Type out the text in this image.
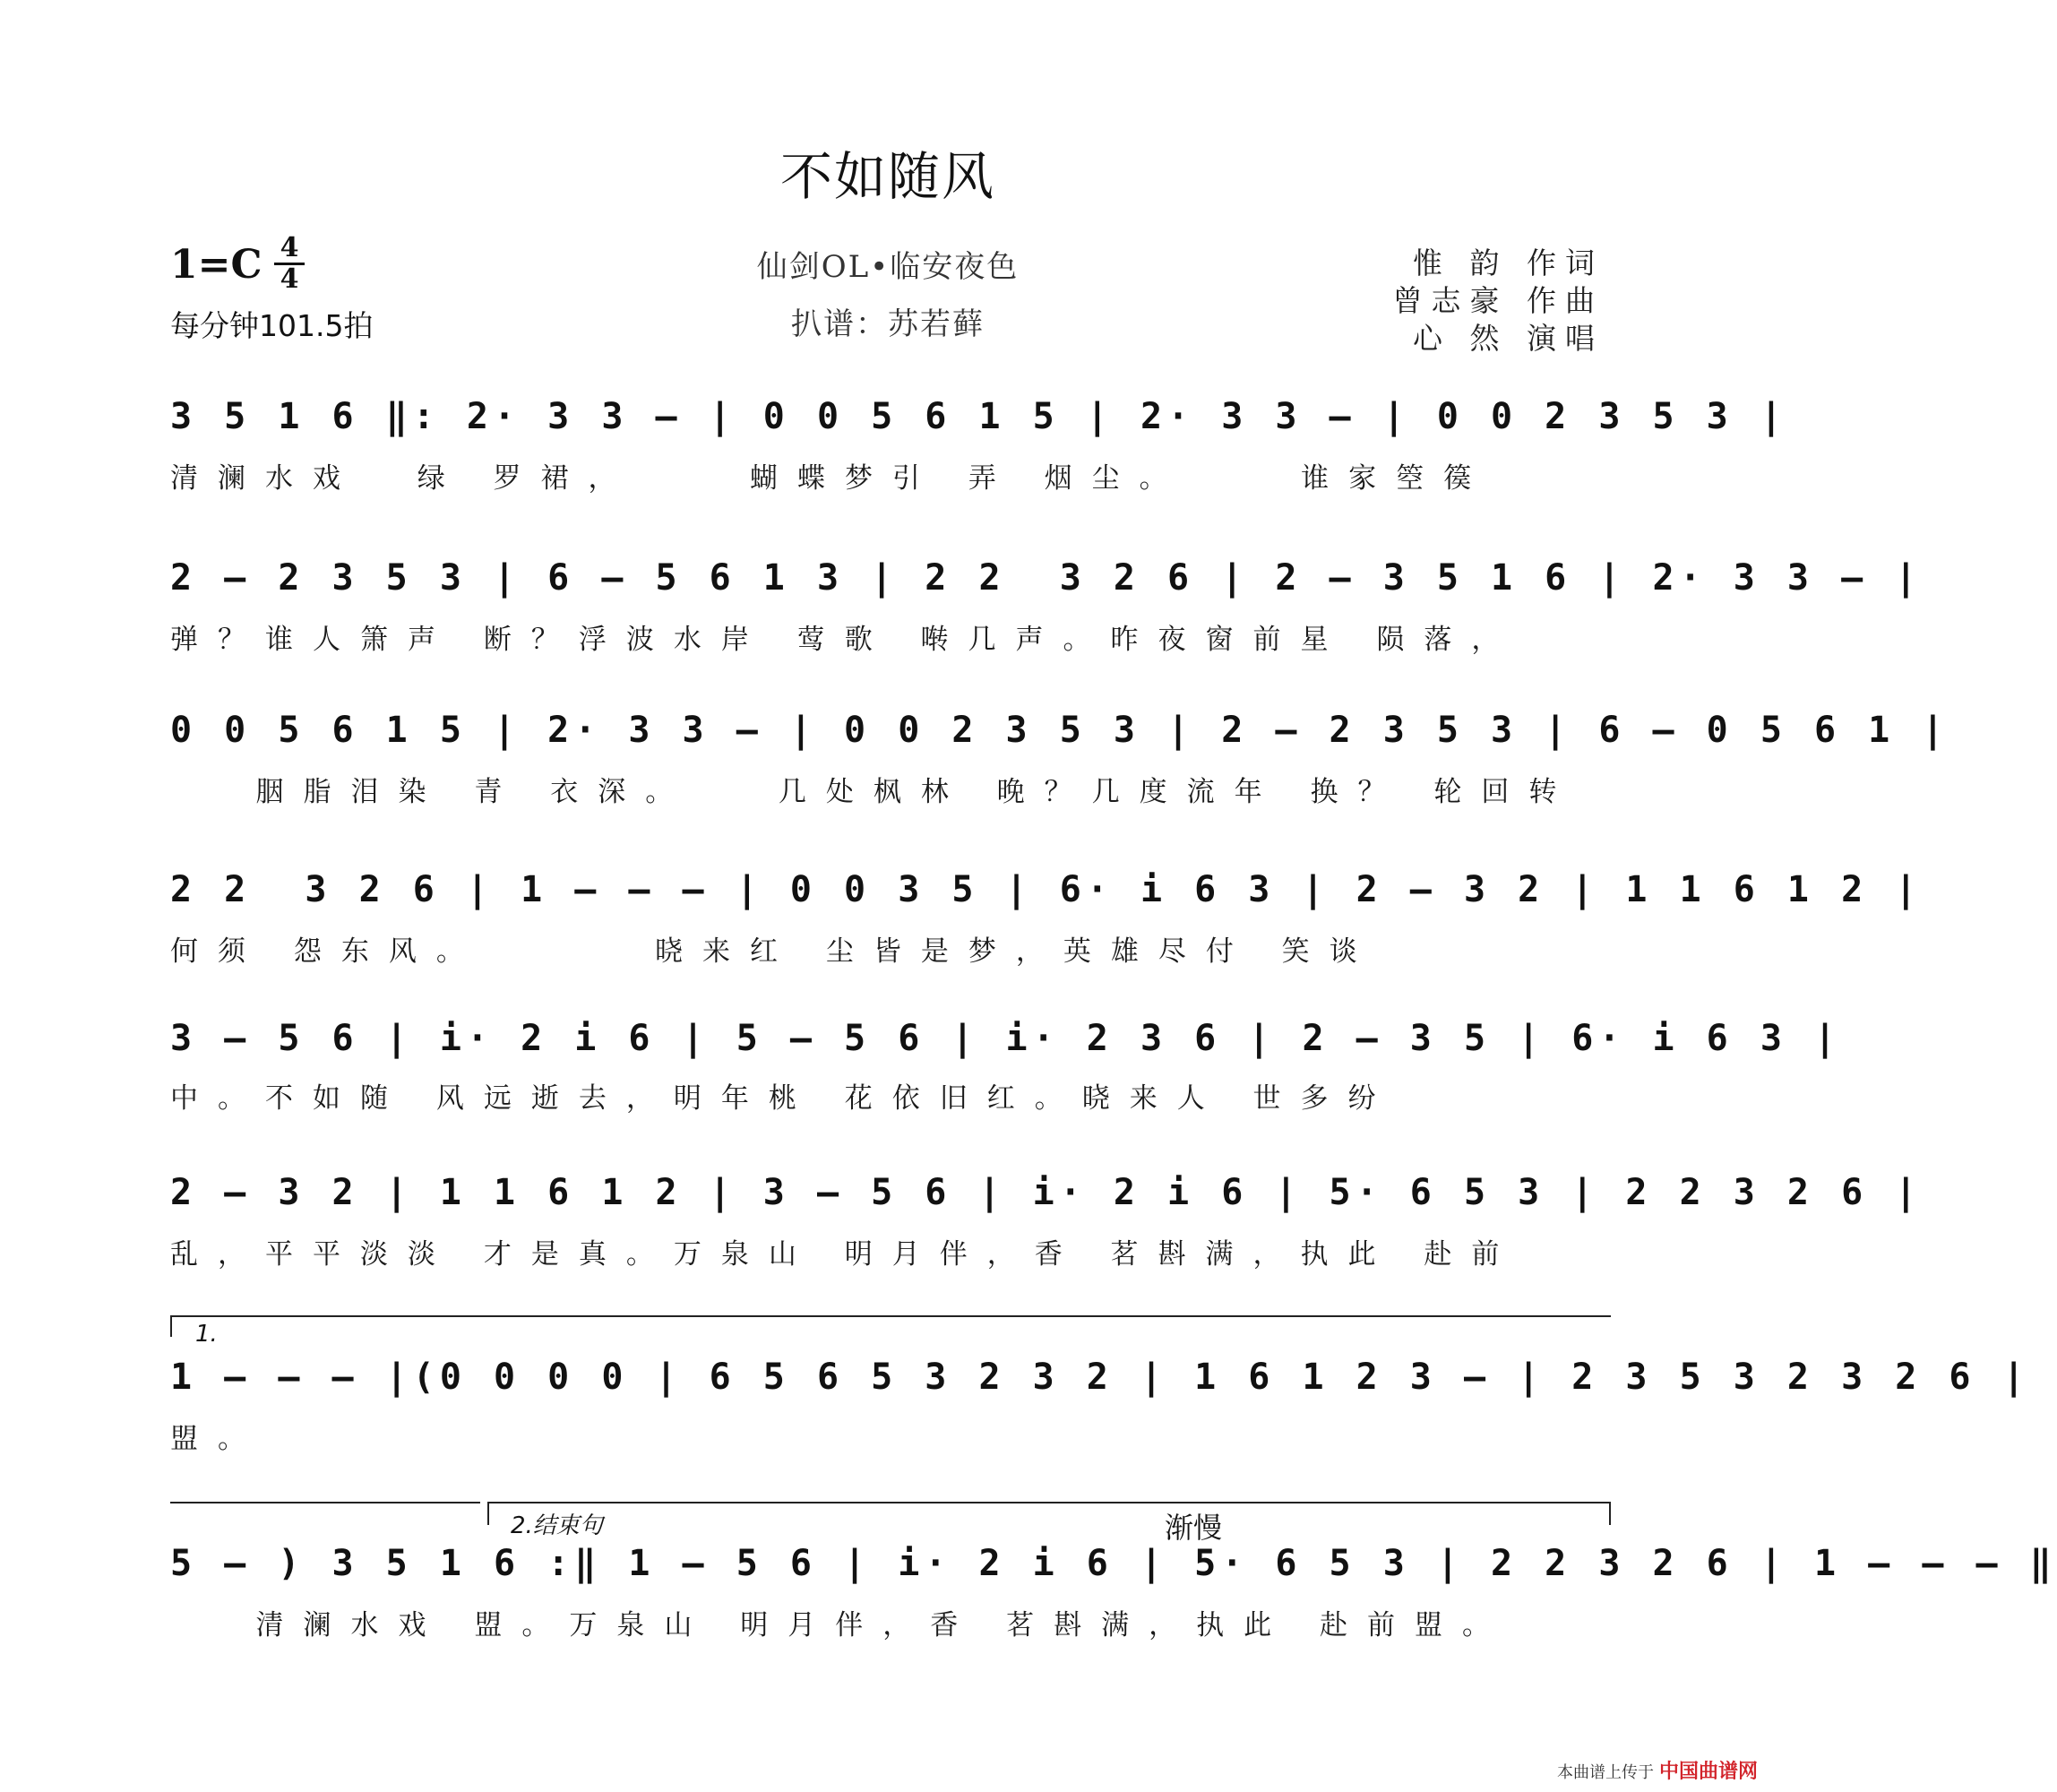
不如随风
1=C 4
4
每分钟101.5拍
仙剑OL•临安夜色
扒谱：苏若藓
惟 韵 作词
曾志豪 作曲
心 然 演唱
3 5 1 6 ‖: 2· 3 3 – | 0 0 5 6 1 5 | 2· 3 3 – | 0 0 2 3 5 3 |
清澜水戏  绿 罗裙，    蝴蝶梦引 弄 烟尘。    谁家箜篌
2 – 2 3 5 3 | 6 – 5 6 1 3 | 2 2  3 2 6 | 2 – 3 5 1 6 | 2· 3 3 – |
弹？谁人箫声 断？浮波水岸 莺歌 啭几声。昨夜窗前星 陨落，
0 0 5 6 1 5 | 2· 3 3 – | 0 0 2 3 5 3 | 2 – 2 3 5 3 | 6 – 0 5 6 1 |
胭脂泪染 青 衣深。   几处枫林 晚？几度流年 换？ 轮回转
2 2  3 2 6 | 1 – – – | 0 0 3 5 | 6· i 6 3 | 2 – 3 2 | 1 1 6 1 2 |
何须 怨东风。      晓来红 尘皆是梦，英雄尽付 笑谈
3 – 5 6 | i· 2 i 6 | 5 – 5 6 | i· 2 3 6 | 2 – 3 5 | 6· i 6 3 |
中。不如随 风远逝去，明年桃 花依旧红。晓来人 世多纷
2 – 3 2 | 1 1 6 1 2 | 3 – 5 6 | i· 2 i 6 | 5· 6 5 3 | 2 2 3 2 6 |
乱，平平淡淡 才是真。万泉山 明月伴，香 茗斟满，执此 赴前
1.
1 – – – |(0 0 0 0 | 6 5 6 5 3 2 3 2 | 1 6 1 2 3 – | 2 3 5 3 2 3 2 6 |
盟。
2.结束句	渐慢
5 – ) 3 5 1 6 :‖ 1 – 5 6 | i· 2 i 6 | 5· 6 5 3 | 2 2 3 2 6 | 1 – – – ‖
清澜水戏 盟。万泉山 明月伴，香 茗斟满，执此 赴前盟。
本曲谱上传于 中国曲谱网
